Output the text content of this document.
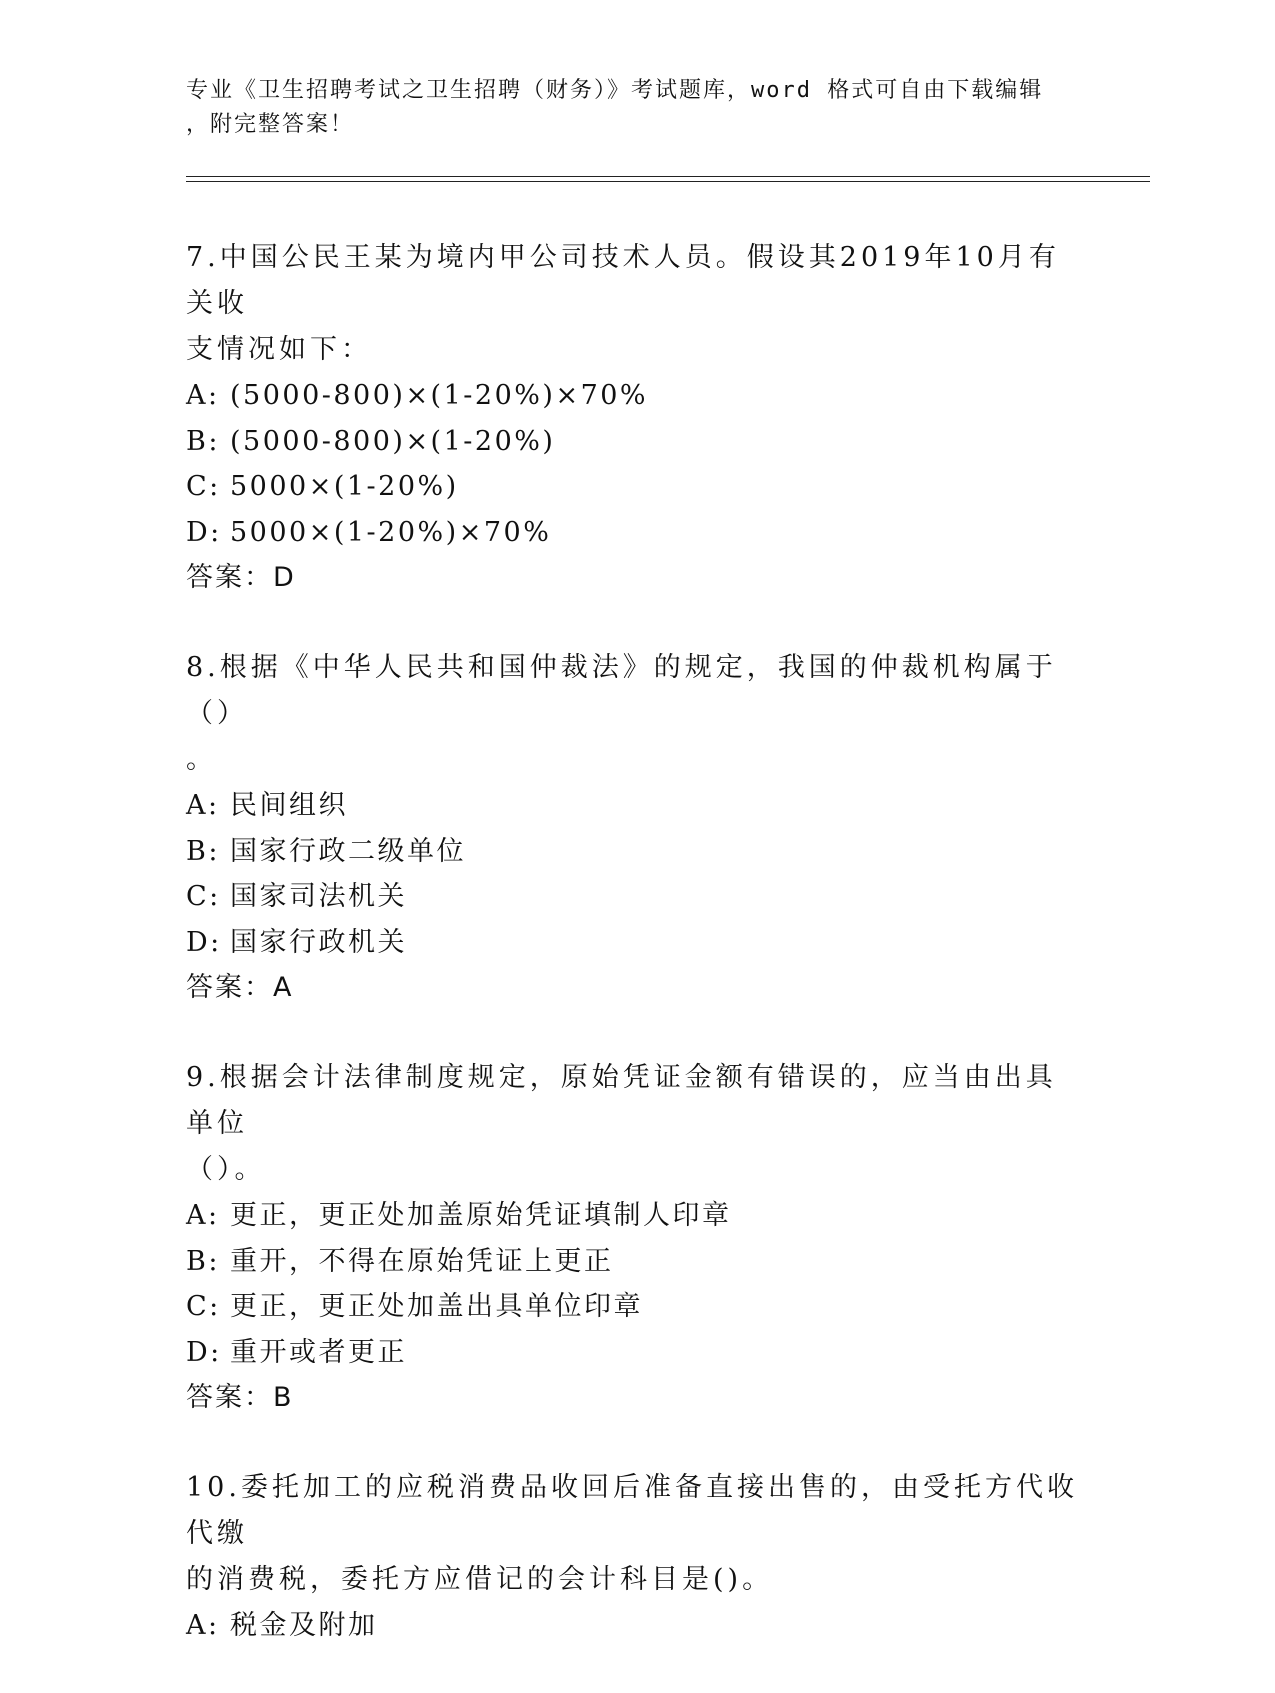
专业《卫生招聘考试之卫生招聘（财务）》考试题库，word 格式可自由下载编辑
，附完整答案！
7.中国公民王某为境内甲公司技术人员。假设其2019年10月有关收
支情况如下：
A: (5000-800)×(1-20%)×70%
B: (5000-800)×(1-20%)
C: 5000×(1-20%)
D: 5000×(1-20%)×70%
答案：D
8.根据《中华人民共和国仲裁法》的规定，我国的仲裁机构属于（）
。
A: 民间组织
B: 国家行政二级单位
C: 国家司法机关
D: 国家行政机关
答案：A
9.根据会计法律制度规定，原始凭证金额有错误的，应当由出具单位
（）。
A: 更正，更正处加盖原始凭证填制人印章
B: 重开，不得在原始凭证上更正
C: 更正，更正处加盖出具单位印章
D: 重开或者更正
答案：B
10.委托加工的应税消费品收回后准备直接出售的，由受托方代收代缴
的消费税，委托方应借记的会计科目是()。
A: 税金及附加
